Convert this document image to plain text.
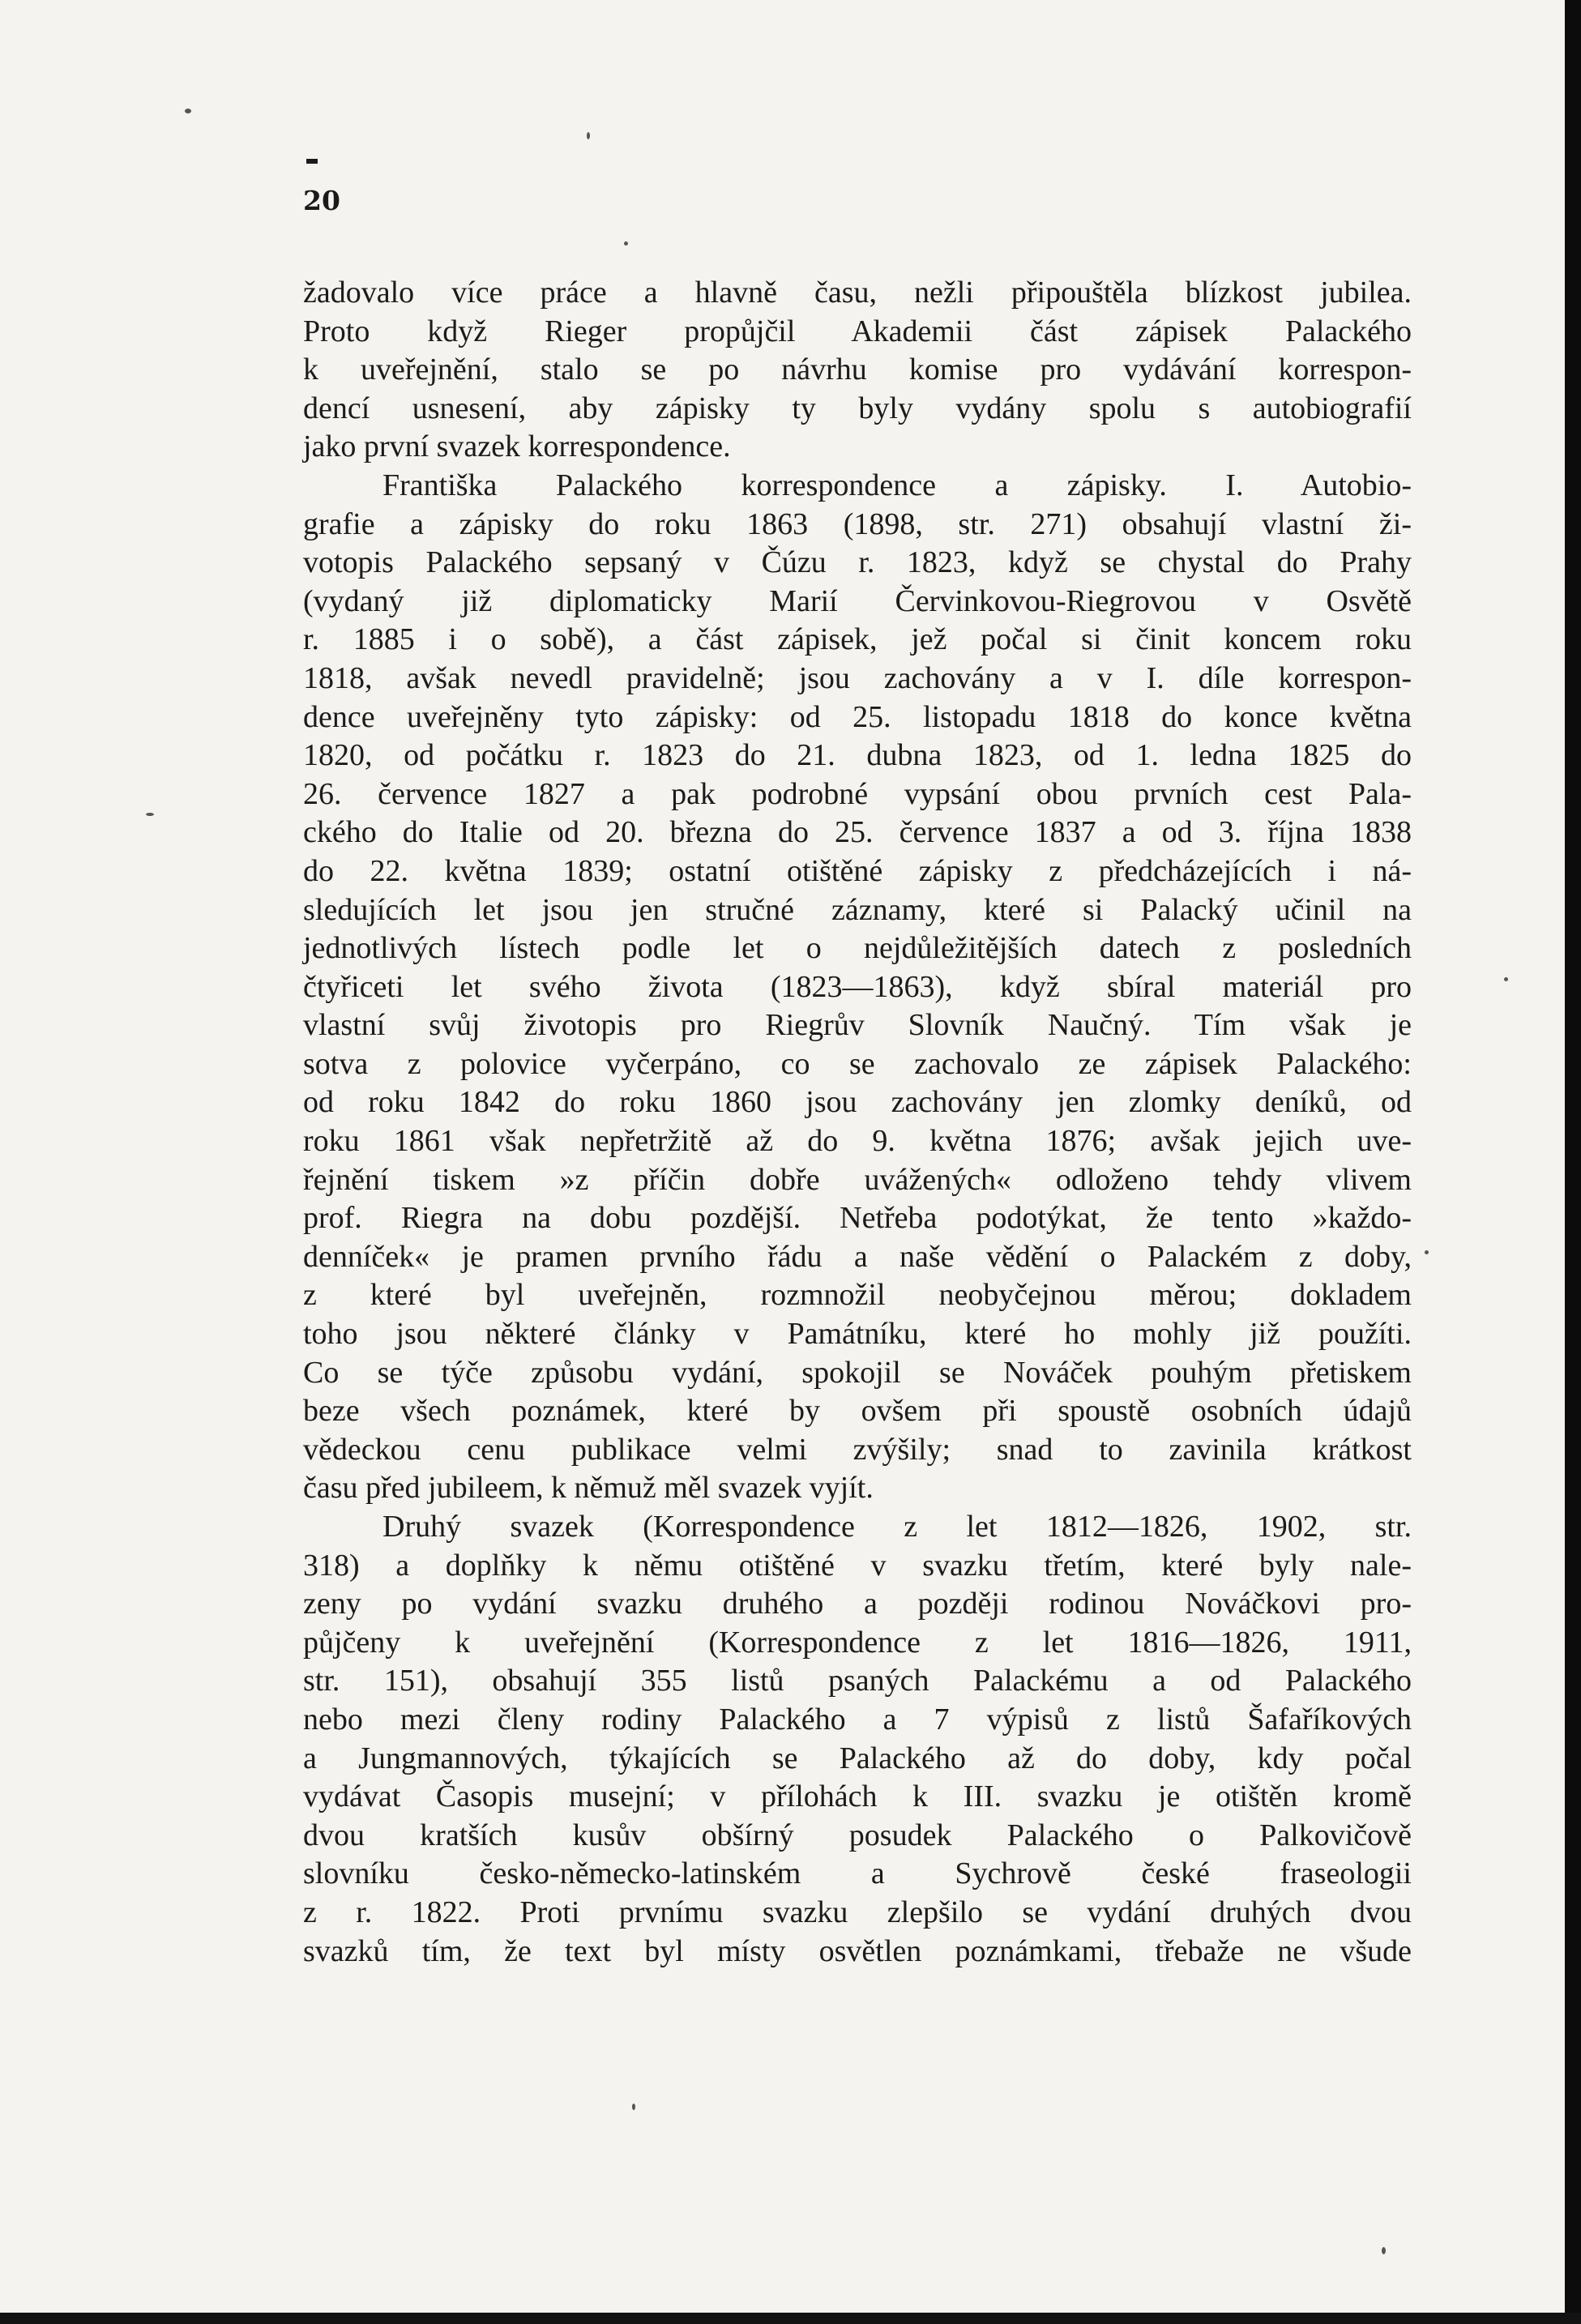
20
žadovalo více práce a hlavně času, nežli připouštěla blízkost jubilea.
Proto když Rieger propůjčil Akademii část zápisek Palackého
k uveřejnění, stalo se po návrhu komise pro vydávání korrespon-
dencí usnesení, aby zápisky ty byly vydány spolu s autobiografií
jako první svazek korrespondence.
Františka Palackého korrespondence a zápisky. I. Autobio-
grafie a zápisky do roku 1863 (1898, str. 271) obsahují vlastní ži-
votopis Palackého sepsaný v Čúzu r. 1823, když se chystal do Prahy
(vydaný již diplomaticky Marií Červinkovou-Riegrovou v Osvětě
r. 1885 i o sobě), a část zápisek, jež počal si činit koncem roku
1818, avšak nevedl pravidelně; jsou zachovány a v I. díle korrespon-
dence uveřejněny tyto zápisky: od 25. listopadu 1818 do konce května
1820, od počátku r. 1823 do 21. dubna 1823, od 1. ledna 1825 do
26. července 1827 a pak podrobné vypsání obou prvních cest Pala-
ckého do Italie od 20. března do 25. července 1837 a od 3. října 1838
do 22. května 1839; ostatní otištěné zápisky z předcházejících i ná-
sledujících let jsou jen stručné záznamy, které si Palacký učinil na
jednotlivých lístech podle let o nejdůležitějších datech z posledních
čtyřiceti let svého života (1823—1863), když sbíral materiál pro
vlastní svůj životopis pro Riegrův Slovník Naučný. Tím však je
sotva z polovice vyčerpáno, co se zachovalo ze zápisek Palackého:
od roku 1842 do roku 1860 jsou zachovány jen zlomky deníků, od
roku 1861 však nepřetržitě až do 9. května 1876; avšak jejich uve-
řejnění tiskem »z příčin dobře uvážených« odloženo tehdy vlivem
prof. Riegra na dobu pozdější. Netřeba podotýkat, že tento »každo-
denníček« je pramen prvního řádu a naše vědění o Palackém z doby,
z které byl uveřejněn, rozmnožil neobyčejnou měrou; dokladem
toho jsou některé články v Památníku, které ho mohly již použíti.
Co se týče způsobu vydání, spokojil se Nováček pouhým přetiskem
beze všech poznámek, které by ovšem při spoustě osobních údajů
vědeckou cenu publikace velmi zvýšily; snad to zavinila krátkost
času před jubileem, k němuž měl svazek vyjít.
Druhý svazek (Korrespondence z let 1812—1826, 1902, str.
318) a doplňky k němu otištěné v svazku třetím, které byly nale-
zeny po vydání svazku druhého a později rodinou Nováčkovi pro-
půjčeny k uveřejnění (Korrespondence z let 1816—1826, 1911,
str. 151), obsahují 355 listů psaných Palackému a od Palackého
nebo mezi členy rodiny Palackého a 7 výpisů z listů Šafaříkových
a Jungmannových, týkajících se Palackého až do doby, kdy počal
vydávat Časopis musejní; v přílohách k III. svazku je otištěn kromě
dvou kratších kusův obšírný posudek Palackého o Palkovičově
slovníku česko-německo-latinském a Sychrově české fraseologii
z r. 1822. Proti prvnímu svazku zlepšilo se vydání druhých dvou
svazků tím, že text byl místy osvětlen poznámkami, třebaže ne všude
